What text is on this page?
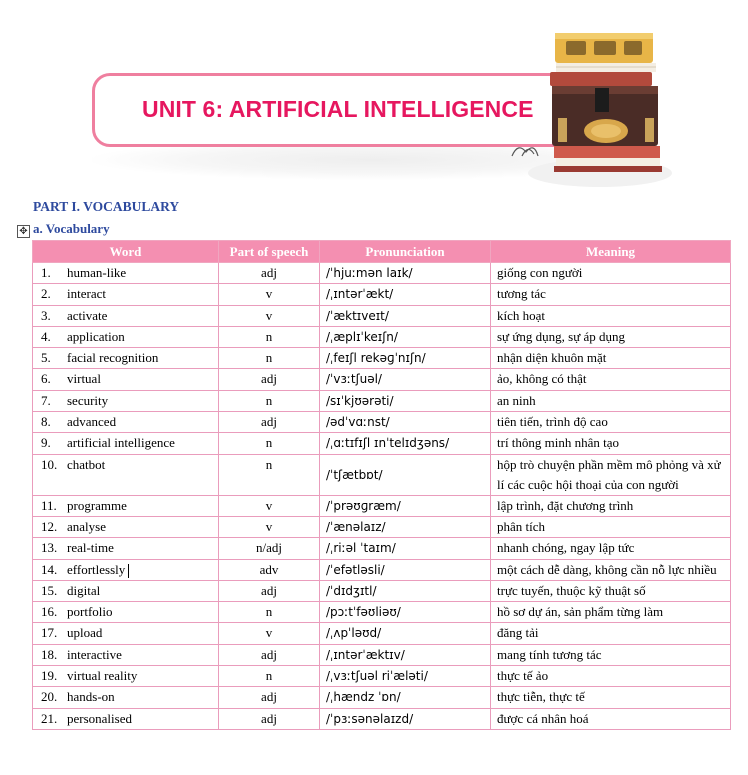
UNIT 6: ARTIFICIAL INTELLIGENCE
PART I. VOCABULARY
✥ a. Vocabulary
Word	Part of speech	Pronunciation	Meaning
1. human-like	adj	/ˈhjuːmən laɪk/	giống con người
2. interact	v	/ˌɪntərˈækt/	tương tác
3. activate	v	/ˈæktɪveɪt/	kích hoạt
4. application	n	/ˌæplɪˈkeɪʃn/	sự ứng dụng, sự áp dụng
5. facial recognition	n	/ˌfeɪʃl rekəɡˈnɪʃn/	nhận diện khuôn mặt
6. virtual	adj	/ˈvɜːtʃuəl/	ảo, không có thật
7. security	n	/sɪˈkjʊərəti/	an ninh
8. advanced	adj	/ədˈvɑːnst/	tiên tiến, trình độ cao
9. artificial intelligence	n	/ˌɑːtɪfɪʃl ɪnˈtelɪdʒəns/	trí thông minh nhân tạo
10. chatbot	n	/ˈtʃætbɒt/	hộp trò chuyện phần mềm mô phỏng và xử lí các cuộc hội thoại của con người
11. programme	v	/ˈprəʊɡræm/	lập trình, đặt chương trình
12. analyse	v	/ˈænəlaɪz/	phân tích
13. real-time	n/adj	/ˌriːəl ˈtaɪm/	nhanh chóng, ngay lập tức
14. effortlessly	adv	/ˈefətləsli/	một cách dễ dàng, không cần nỗ lực nhiều
15. digital	adj	/ˈdɪdʒɪtl/	trực tuyến, thuộc kỹ thuật số
16. portfolio	n	/pɔːtˈfəʊliəʊ/	hồ sơ dự án, sản phẩm từng làm
17. upload	v	/ˌʌpˈləʊd/	đăng tải
18. interactive	adj	/ˌɪntərˈæktɪv/	mang tính tương tác
19. virtual reality	n	/ˌvɜːtʃuəl riˈæləti/	thực tế ảo
20. hands-on	adj	/ˌhændz ˈɒn/	thực tiễn, thực tế
21. personalised	adj	/ˈpɜːsənəlaɪzd/	được cá nhân hoá
